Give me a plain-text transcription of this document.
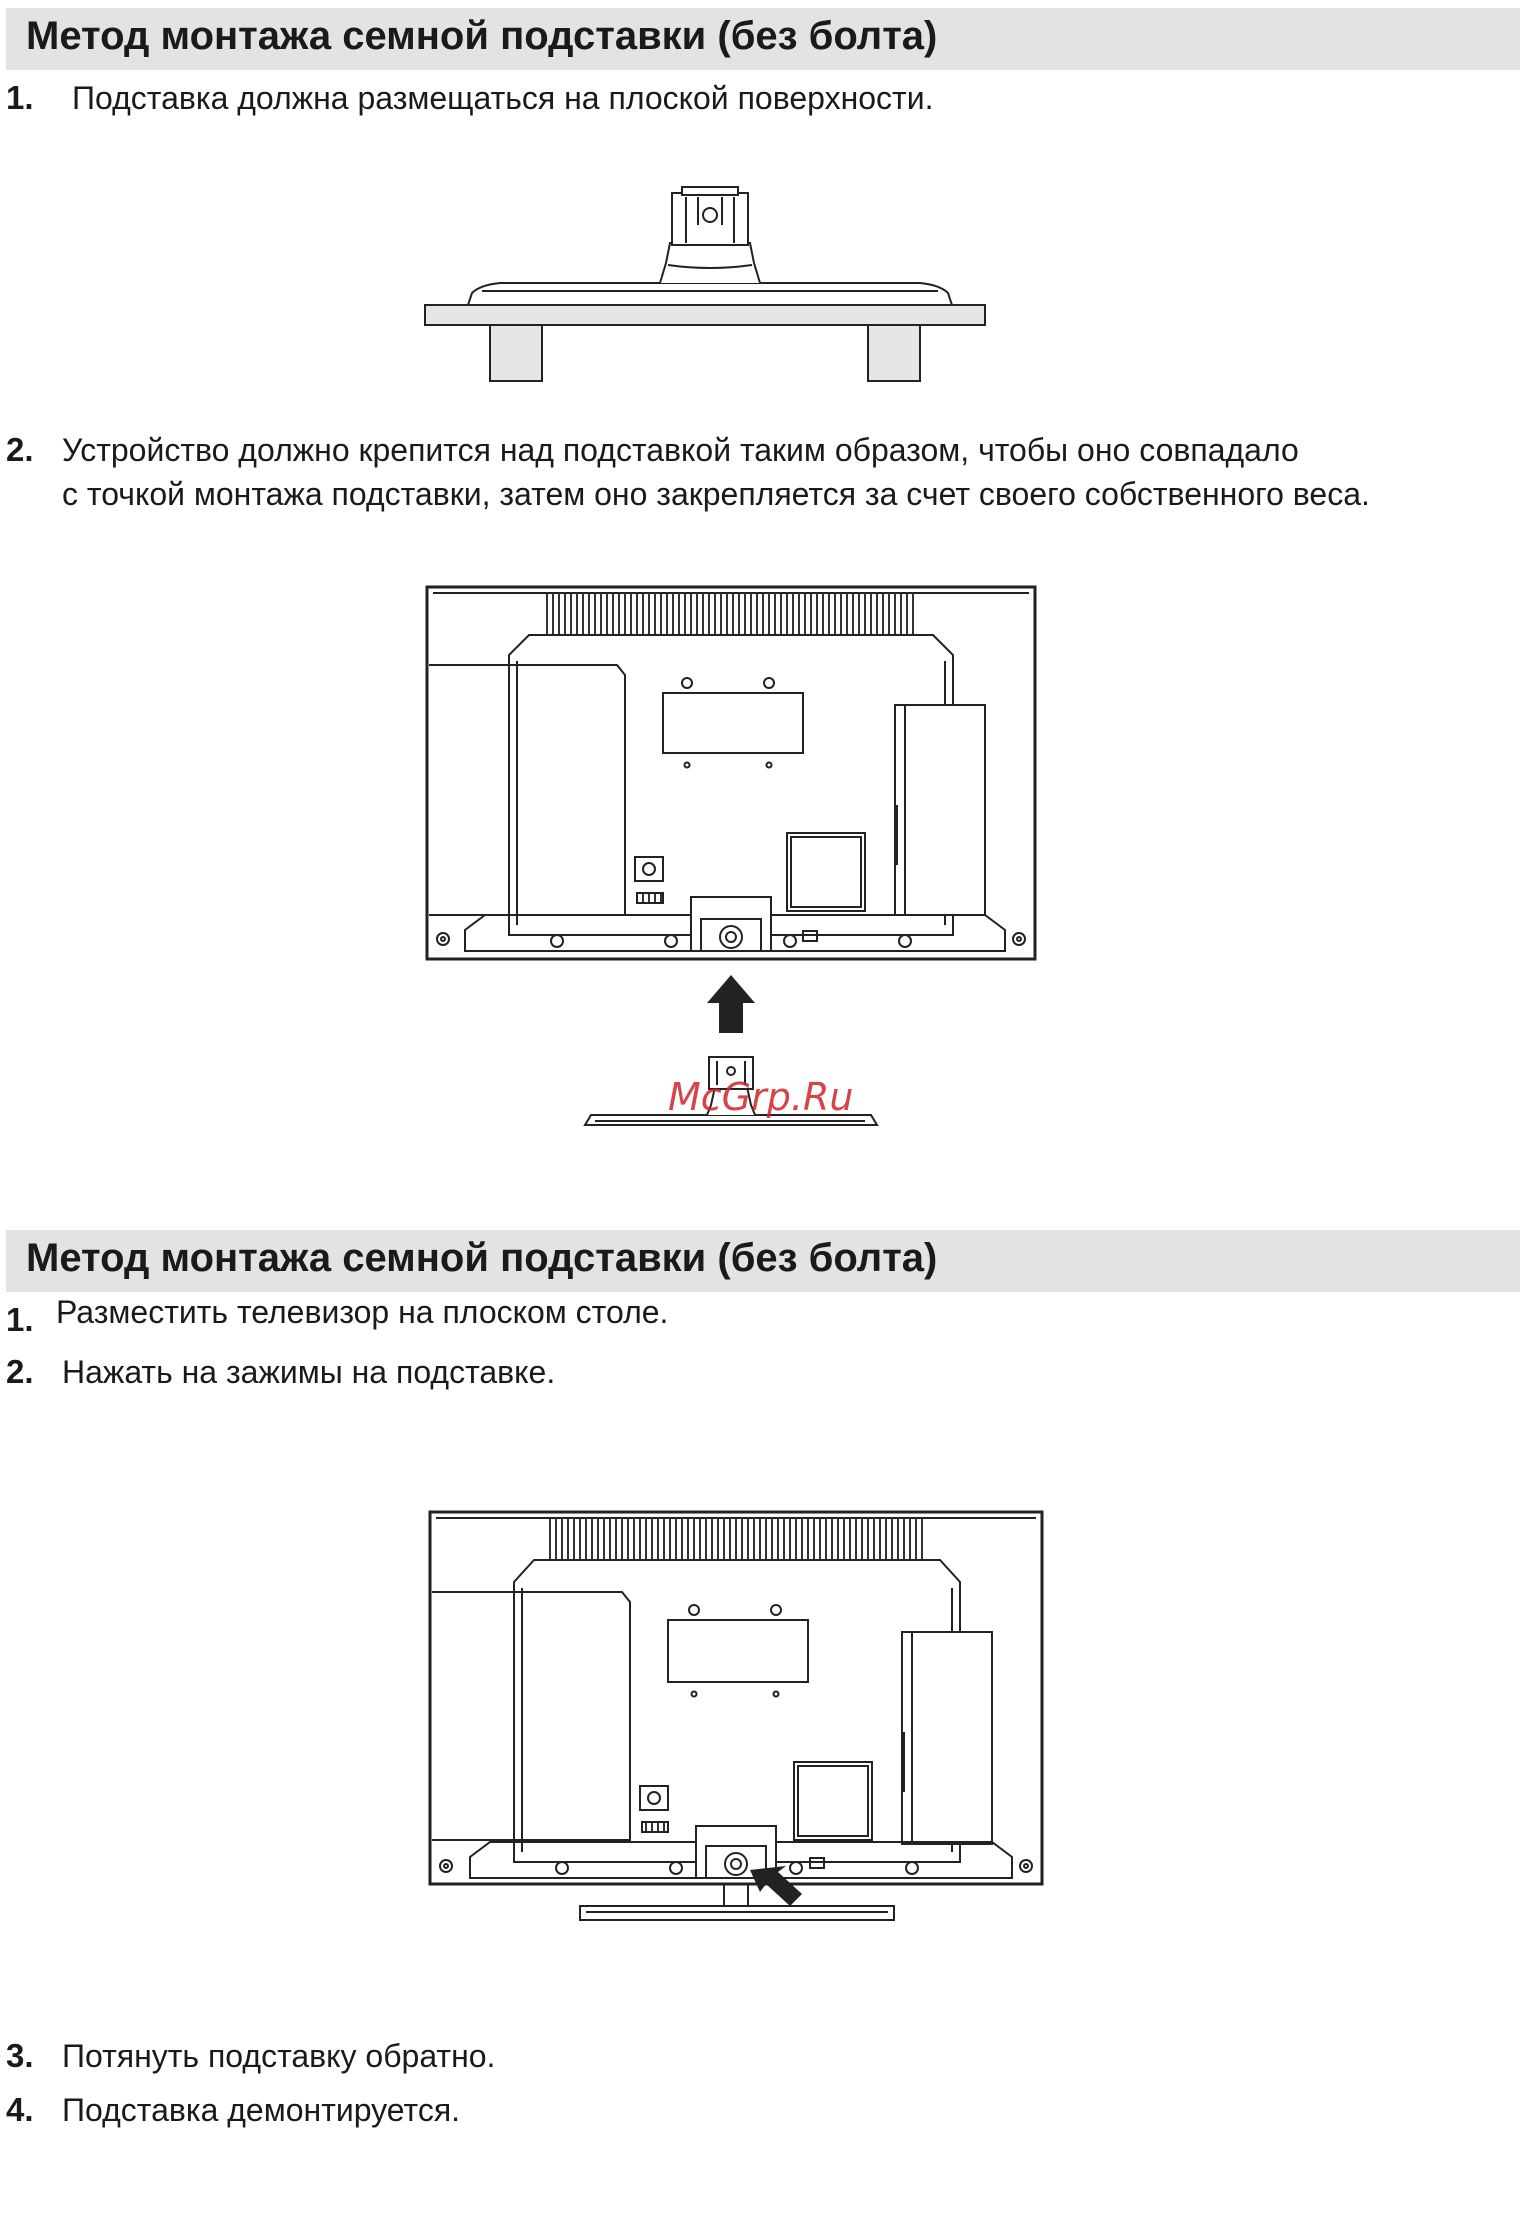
Метод монтажа семной подставки (без болта)
1. Подставка должна размещаться на плоской поверхности.
2. Устройство должно крепится над подставкой таким образом, чтобы оно совпадало
с точкой монтажа подставки, затем оно закрепляется за счет своего собственного веса.
McGrp.Ru
Метод монтажа семной подставки (без болта)
1. Разместить телевизор на плоском столе.
2. Нажать на зажимы на подставке.
3. Потянуть подставку обратно.
4. Подставка демонтируется.
